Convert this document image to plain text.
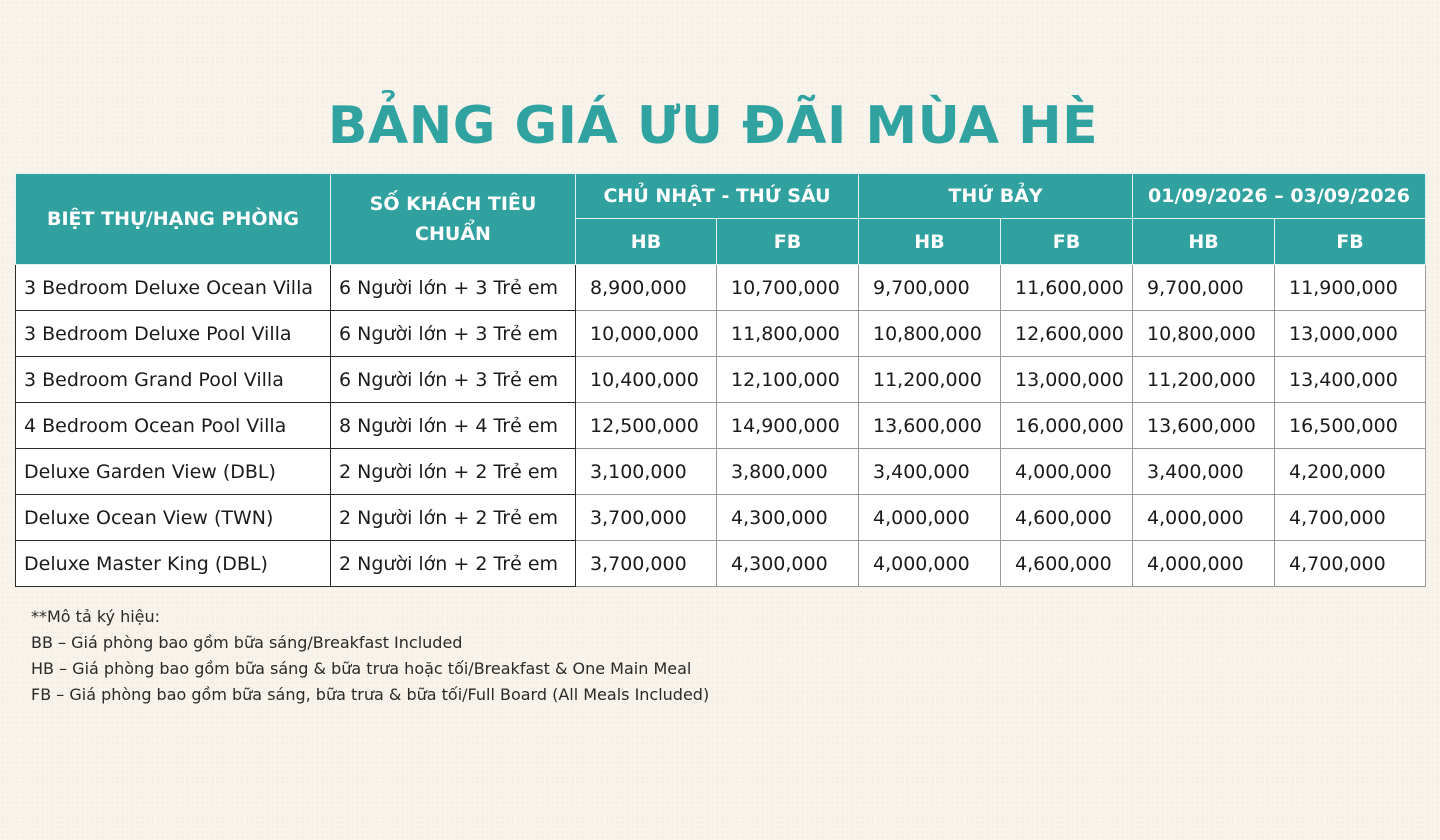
BẢNG GIÁ ƯU ĐÃI MÙA HÈ
BIỆT THỰ/HẠNG PHÒNG	SỐ KHÁCH TIÊU CHUẨN	CHỦ NHẬT - THỨ SÁU		THỨ BẢY		01/09/2026 – 03/09/2026	
		HB	FB	HB	FB	HB	FB
3 Bedroom Deluxe Ocean Villa	6 Người lớn + 3 Trẻ em	8,900,000	10,700,000	9,700,000	11,600,000	9,700,000	11,900,000
3 Bedroom Deluxe Pool Villa	6 Người lớn + 3 Trẻ em	10,000,000	11,800,000	10,800,000	12,600,000	10,800,000	13,000,000
3 Bedroom Grand Pool Villa	6 Người lớn + 3 Trẻ em	10,400,000	12,100,000	11,200,000	13,000,000	11,200,000	13,400,000
4 Bedroom Ocean Pool Villa	8 Người lớn + 4 Trẻ em	12,500,000	14,900,000	13,600,000	16,000,000	13,600,000	16,500,000
Deluxe Garden View (DBL)	2 Người lớn + 2 Trẻ em	3,100,000	3,800,000	3,400,000	4,000,000	3,400,000	4,200,000
Deluxe Ocean View (TWN)	2 Người lớn + 2 Trẻ em	3,700,000	4,300,000	4,000,000	4,600,000	4,000,000	4,700,000
Deluxe Master King (DBL)	2 Người lớn + 2 Trẻ em	3,700,000	4,300,000	4,000,000	4,600,000	4,000,000	4,700,000
**Mô tả ký hiệu:
BB – Giá phòng bao gồm bữa sáng/Breakfast Included
HB – Giá phòng bao gồm bữa sáng & bữa trưa hoặc tối/Breakfast & One Main Meal
FB – Giá phòng bao gồm bữa sáng, bữa trưa & bữa tối/Full Board (All Meals Included)
